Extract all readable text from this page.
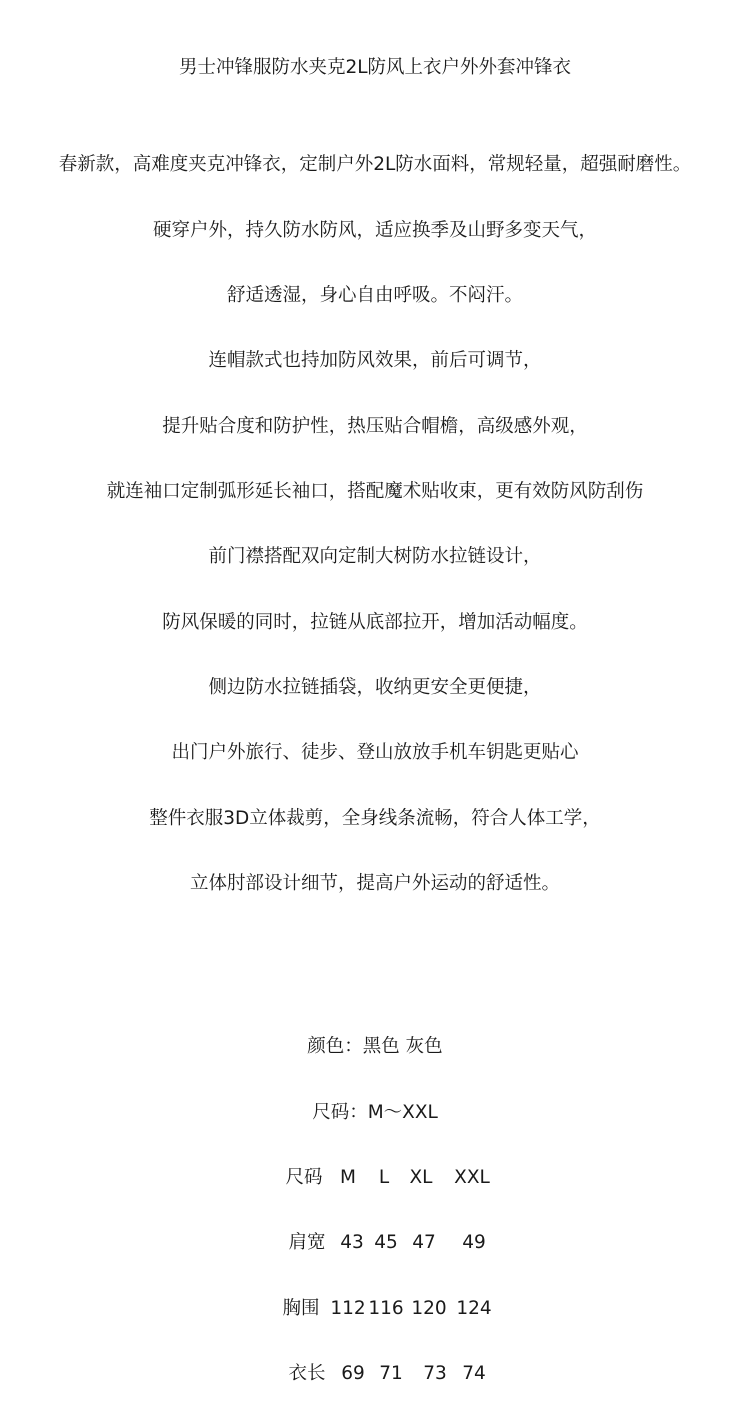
男士冲锋服防水夹克2L防风上衣户外外套冲锋衣
春新款，高难度夹克冲锋衣，定制户外2L防水面料，常规轻量，超强耐磨性。
硬穿户外，持久防水防风，适应换季及山野多变天气，
舒适透湿，身心自由呼吸。不闷汗。
连帽款式也持加防风效果，前后可调节，
提升贴合度和防护性，热压贴合帽檐，高级感外观，
就连袖口定制弧形延长袖口，搭配魔术贴收束，更有效防风防刮伤
前门襟搭配双向定制大树防水拉链设计，
防风保暖的同时，拉链从底部拉开，增加活动幅度。
侧边防水拉链插袋，收纳更安全更便捷，
出门户外旅行、徒步、登山放放手机车钥匙更贴心
整件衣服3D立体裁剪，全身线条流畅，符合人体工学，
立体肘部设计细节，提高户外运动的舒适性。
颜色：黑色 灰色
尺码：M～XXL
尺码 M L XL XXL
肩宽 43 45 47 49
胸围 112 116 120 124
衣长 69 71 73 74
